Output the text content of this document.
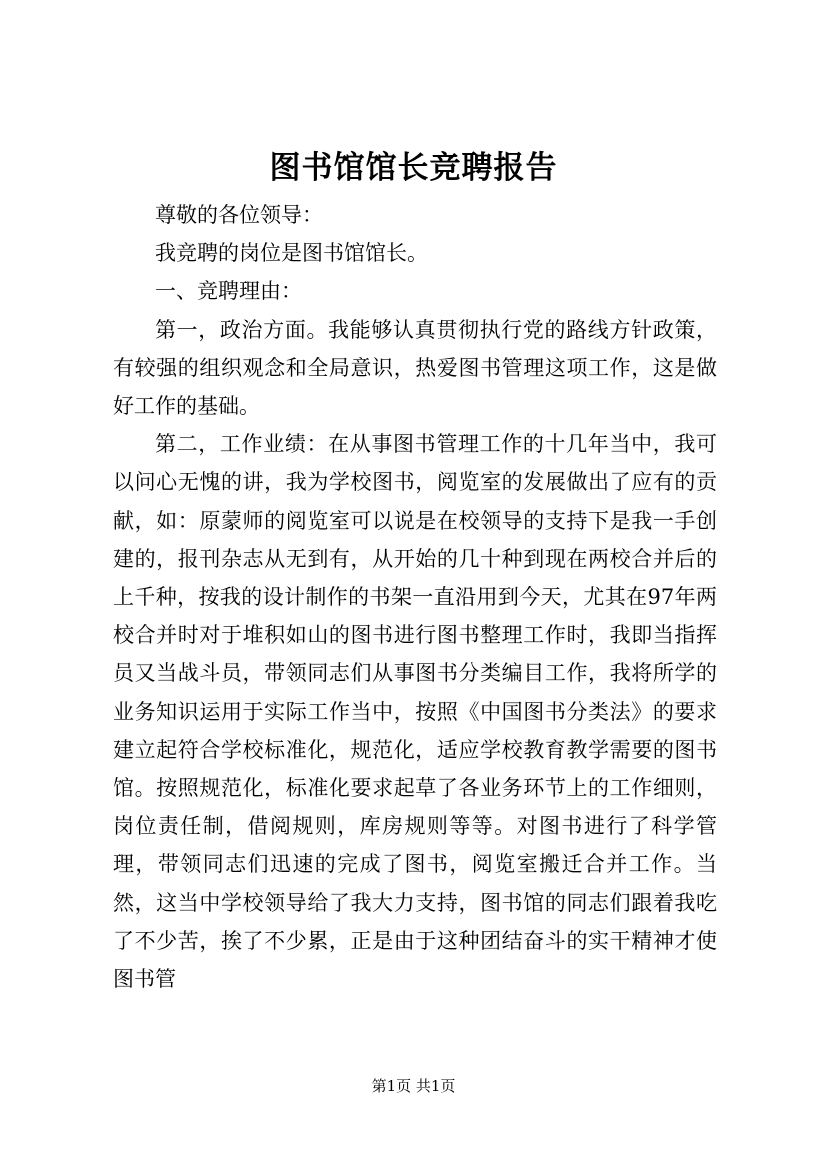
图书馆馆长竞聘报告

尊敬的各位领导：

我竞聘的岗位是图书馆馆长。

一、竞聘理由：

第一，政治方面。我能够认真贯彻执行党的路线方针政策，有较强的组织观念和全局意识，热爱图书管理这项工作，这是做好工作的基础。

第二，工作业绩：在从事图书管理工作的十几年当中，我可以问心无愧的讲，我为学校图书，阅览室的发展做出了应有的贡献，如：原蒙师的阅览室可以说是在校领导的支持下是我一手创建的，报刊杂志从无到有，从开始的几十种到现在两校合并后的上千种，按我的设计制作的书架一直沿用到今天，尤其在97年两校合并时对于堆积如山的图书进行图书整理工作时，我即当指挥员又当战斗员，带领同志们从事图书分类编目工作，我将所学的业务知识运用于实际工作当中，按照《中国图书分类法》的要求建立起符合学校标准化，规范化，适应学校教育教学需要的图书馆。按照规范化，标准化要求起草了各业务环节上的工作细则，岗位责任制，借阅规则，库房规则等等。对图书进行了科学管理，带领同志们迅速的完成了图书，阅览室搬迁合并工作。当然，这当中学校领导给了我大力支持，图书馆的同志们跟着我吃了不少苦，挨了不少累，正是由于这种团结奋斗的实干精神才使图书管

第1页 共1页
